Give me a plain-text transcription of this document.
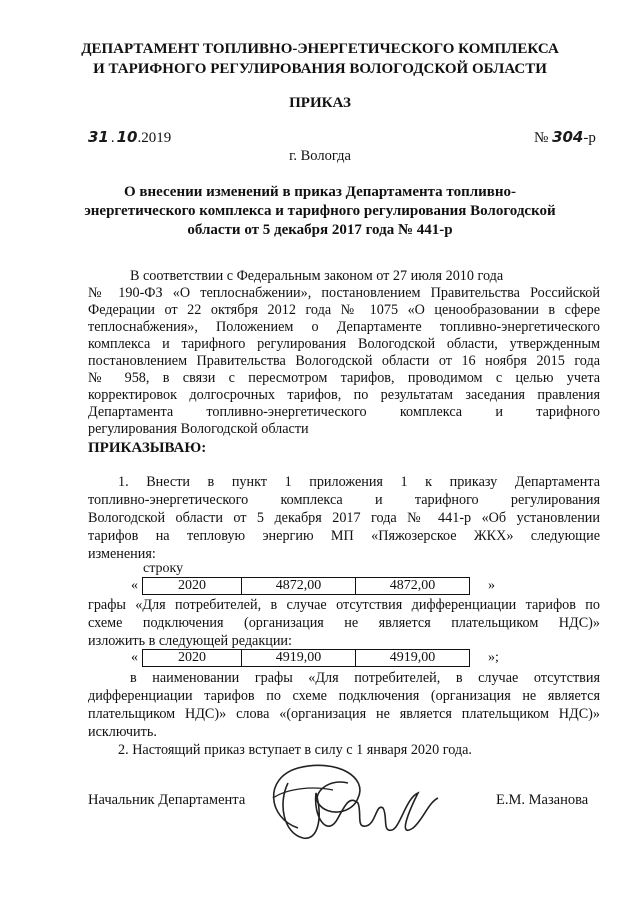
ДЕПАРТАМЕНТ ТОПЛИВНО-ЭНЕРГЕТИЧЕСКОГО КОМПЛЕКСА
И ТАРИФНОГО РЕГУЛИРОВАНИЯ ВОЛОГОДСКОЙ ОБЛАСТИ
ПРИКАЗ
31 . 10.2019	№ 304-р
г. Вологда
О внесении изменений в приказ Департамента топливно-
энергетического комплекса и тарифного регулирования Вологодской
области от 5 декабря 2017 года № 441-р
В соответствии с Федеральным законом от 27 июля 2010 года
№ 190-ФЗ «О теплоснабжении», постановлением Правительства Российской
Федерации от 22 октября 2012 года № 1075 «О ценообразовании в сфере
теплоснабжения», Положением о Департаменте топливно-энергетического
комплекса и тарифного регулирования Вологодской области, утвержденным
постановлением Правительства Вологодской области от 16 ноября 2015 года
№ 958, в связи с пересмотром тарифов, проводимом с целью учета
корректировок долгосрочных тарифов, по результатам заседания правления
Департамента топливно-энергетического комплекса и тарифного
регулирования Вологодской области
ПРИКАЗЫВАЮ:
1. Внести в пункт 1 приложения 1 к приказу Департамента
топливно-энергетического комплекса и тарифного регулирования
Вологодской области от 5 декабря 2017 года № 441-р «Об установлении
тарифов на тепловую энергию МП «Пяжозерское ЖКХ» следующие
изменения:
строку
«	2020	4872,00	4872,00	»
графы «Для потребителей, в случае отсутствия дифференциации тарифов по
схеме подключения (организация не является плательщиком НДС)»
изложить в следующей редакции:
«	2020	4919,00	4919,00	»;
в наименовании графы «Для потребителей, в случае отсутствия
дифференциации тарифов по схеме подключения (организация не является
плательщиком НДС)» слова «(организация не является плательщиком НДС)»
исключить.
2. Настоящий приказ вступает в силу с 1 января 2020 года.
Начальник Департамента	Е.М. Мазанова
